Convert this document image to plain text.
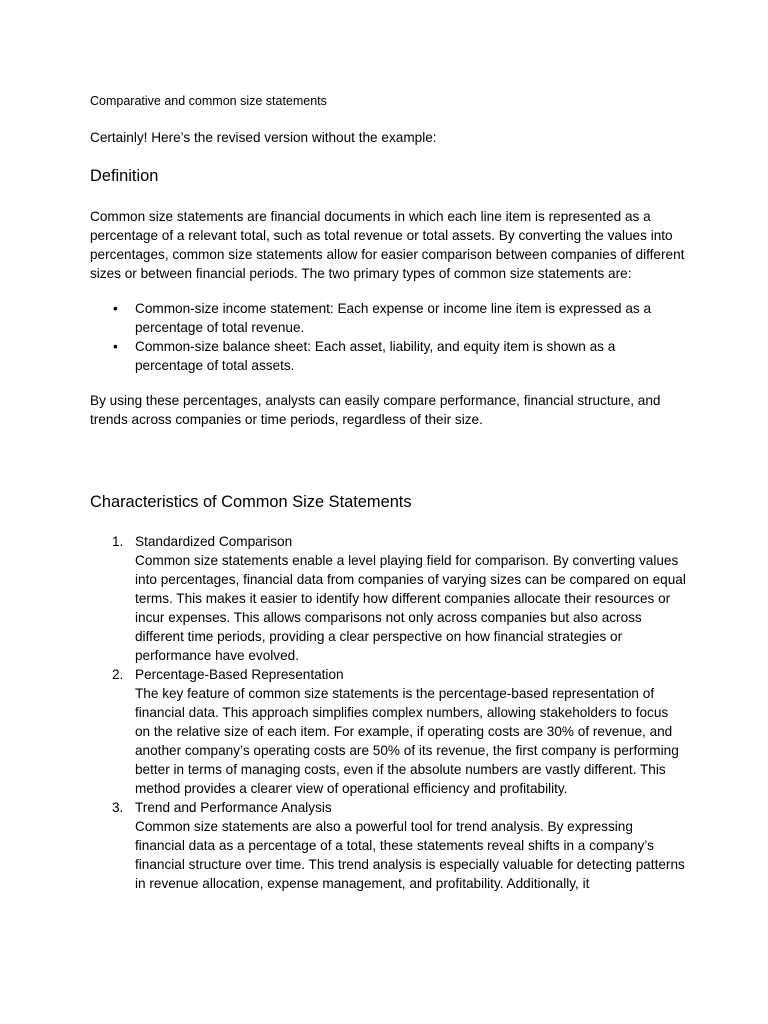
Comparative and common size statements

Certainly! Here’s the revised version without the example:

Definition

Common size statements are financial documents in which each line item is represented as a percentage of a relevant total, such as total revenue or total assets. By converting the values into percentages, common size statements allow for easier comparison between companies of different sizes or between financial periods. The two primary types of common size statements are:

• Common-size income statement: Each expense or income line item is expressed as a percentage of total revenue.
• Common-size balance sheet: Each asset, liability, and equity item is shown as a percentage of total assets.

By using these percentages, analysts can easily compare performance, financial structure, and trends across companies or time periods, regardless of their size.

Characteristics of Common Size Statements
1. Standardized Comparison
Common size statements enable a level playing field for comparison. By converting values into percentages, financial data from companies of varying sizes can be compared on equal terms. This makes it easier to identify how different companies allocate their resources or incur expenses. This allows comparisons not only across companies but also across different time periods, providing a clear perspective on how financial strategies or performance have evolved.
2. Percentage-Based Representation
The key feature of common size statements is the percentage-based representation of financial data. This approach simplifies complex numbers, allowing stakeholders to focus on the relative size of each item. For example, if operating costs are 30% of revenue, and another company’s operating costs are 50% of its revenue, the first company is performing better in terms of managing costs, even if the absolute numbers are vastly different. This method provides a clearer view of operational efficiency and profitability.
3. Trend and Performance Analysis
Common size statements are also a powerful tool for trend analysis. By expressing financial data as a percentage of a total, these statements reveal shifts in a company’s financial structure over time. This trend analysis is especially valuable for detecting patterns in revenue allocation, expense management, and profitability. Additionally, it
